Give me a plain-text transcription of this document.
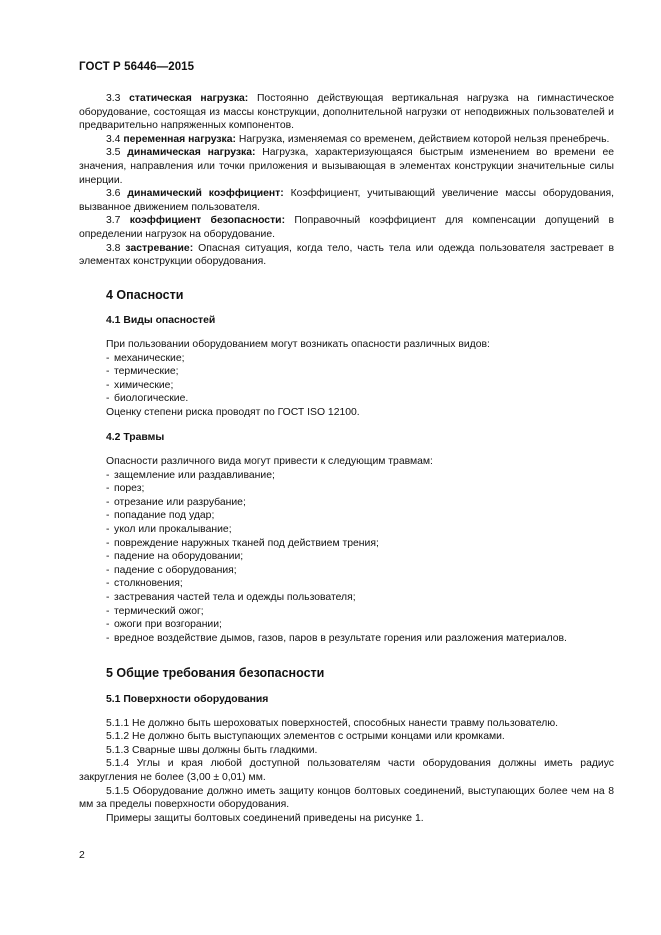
ГОСТ Р 56446—2015

3.3 статическая нагрузка: Постоянно действующая вертикальная нагрузка на гимнастическое оборудование, состоящая из массы конструкции, дополнительной нагрузки от неподвижных пользователей и предварительно напряженных компонентов.

3.4 переменная нагрузка: Нагрузка, изменяемая со временем, действием которой нельзя пренебречь.

3.5 динамическая нагрузка: Нагрузка, характеризующаяся быстрым изменением во времени ее значения, направления или точки приложения и вызывающая в элементах конструкции значительные силы инерции.

3.6 динамический коэффициент: Коэффициент, учитывающий увеличение массы оборудования, вызванное движением пользователя.

3.7 коэффициент безопасности: Поправочный коэффициент для компенсации допущений в определении нагрузок на оборудование.

3.8 застревание: Опасная ситуация, когда тело, часть тела или одежда пользователя застревает в элементах конструкции оборудования.

4 Опасности
4.1 Виды опасностей

При пользовании оборудованием могут возникать опасности различных видов:

- механические;
- термические;
- химические;
- биологические.

Оценку степени риска проводят по ГОСТ ISO 12100.

4.2 Травмы

Опасности различного вида могут привести к следующим травмам:

- защемление или раздавливание;
- порез;
- отрезание или разрубание;
- попадание под удар;
- укол или прокалывание;
- повреждение наружных тканей под действием трения;
- падение на оборудовании;
- падение с оборудования;
- столкновения;
- застревания частей тела и одежды пользователя;
- термический ожог;
- ожоги при возгорании;
- вредное воздействие дымов, газов, паров в результате горения или разложения материалов.
5 Общие требования безопасности
5.1 Поверхности оборудования

5.1.1 Не должно быть шероховатых поверхностей, способных нанести травму пользователю.

5.1.2 Не должно быть выступающих элементов с острыми концами или кромками.

5.1.3 Сварные швы должны быть гладкими.

5.1.4 Углы и края любой доступной пользователям части оборудования должны иметь радиус закругления не более (3,00 ± 0,01) мм.

5.1.5 Оборудование должно иметь защиту концов болтовых соединений, выступающих более чем на 8 мм за пределы поверхности оборудования.

Примеры защиты болтовых соединений приведены на рисунке 1.

2
